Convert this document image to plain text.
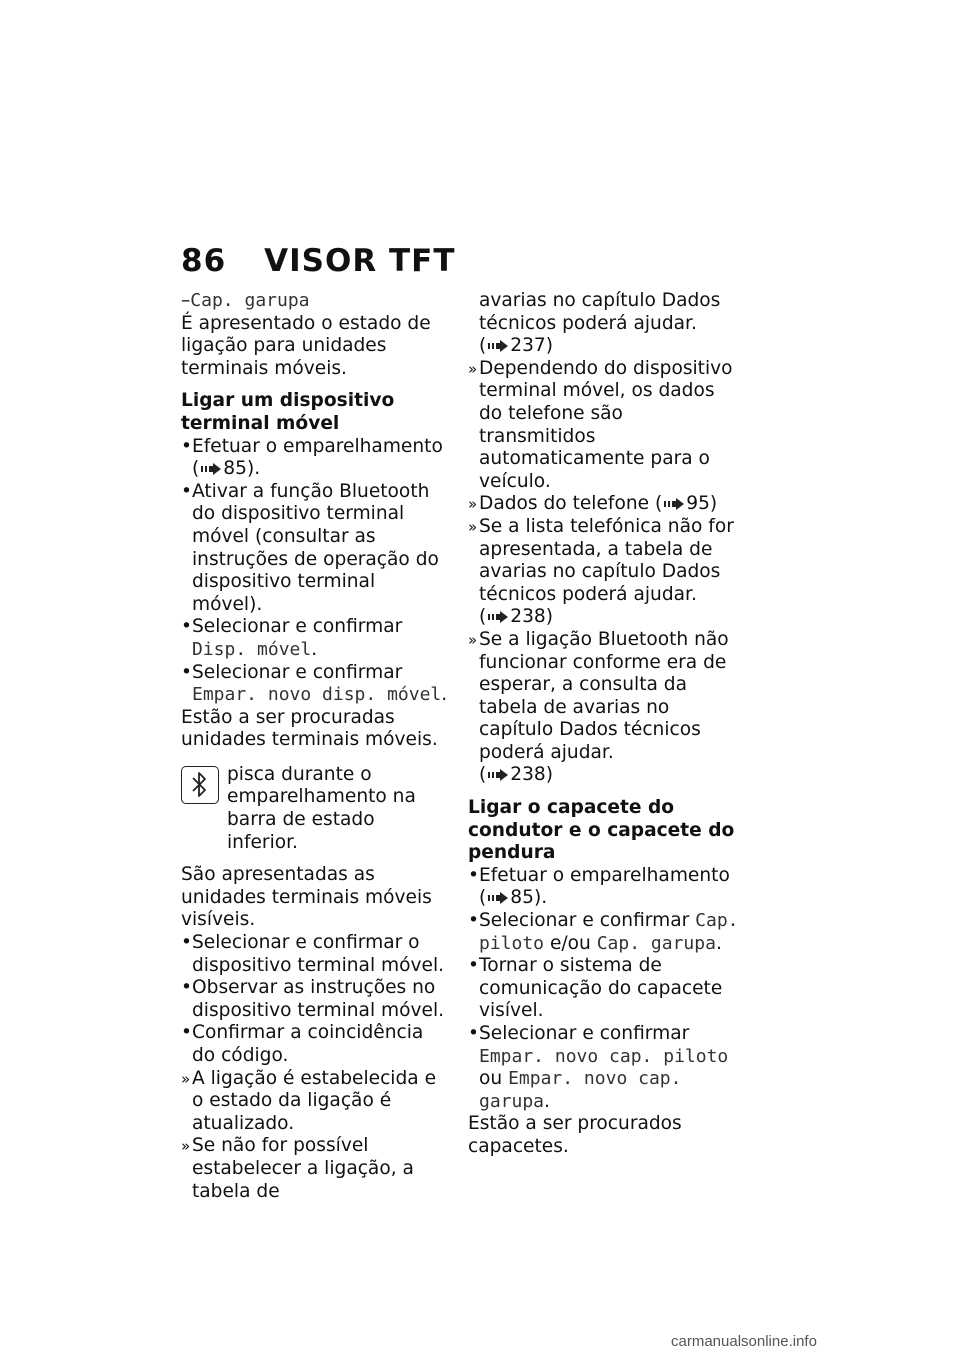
86 VISOR TFT

–Cap. garupa

É apresentado o estado de ligação para unidades terminais móveis.

Ligar um dispositivo terminal móvel

• Efetuar o emparelhamento
( 85).
• Ativar a função Bluetooth do dispositivo terminal móvel (consultar as instruções de operação do dispositivo terminal móvel).
• Selecionar e confirmar Disp. móvel.
• Selecionar e confirmar Empar. novo disp. móvel.

Estão a ser procuradas unidades terminais móveis.

pisca durante o emparelhamento na barra de estado inferior.

São apresentadas as unidades terminais móveis visíveis.

• Selecionar e confirmar o dispositivo terminal móvel.
• Observar as instruções no dispositivo terminal móvel.
• Confirmar a coincidência do código.
» A ligação é estabelecida e o estado da ligação é atualizado.
» Se não for possível estabelecer a ligação, a tabela de
avarias no capítulo Dados técnicos poderá ajudar.
( 237)
» Dependendo do dispositivo terminal móvel, os dados do telefone são transmitidos automaticamente para o veículo.
» Dados do telefone ( 95)
» Se a lista telefónica não for apresentada, a tabela de avarias no capítulo Dados técnicos poderá ajudar.
( 238)
» Se a ligação Bluetooth não funcionar conforme era de esperar, a consulta da tabela de avarias no capítulo Dados técnicos poderá ajudar.
( 238)

Ligar o capacete do condutor e o capacete do pendura

• Efetuar o emparelhamento
( 85).
• Selecionar e confirmar Cap. piloto e/ou Cap. garupa.
• Tornar o sistema de comunicação do capacete visível.
• Selecionar e confirmar Empar. novo cap. piloto ou Empar. novo cap. garupa.

Estão a ser procurados capacetes.

carmanualsonline.info
